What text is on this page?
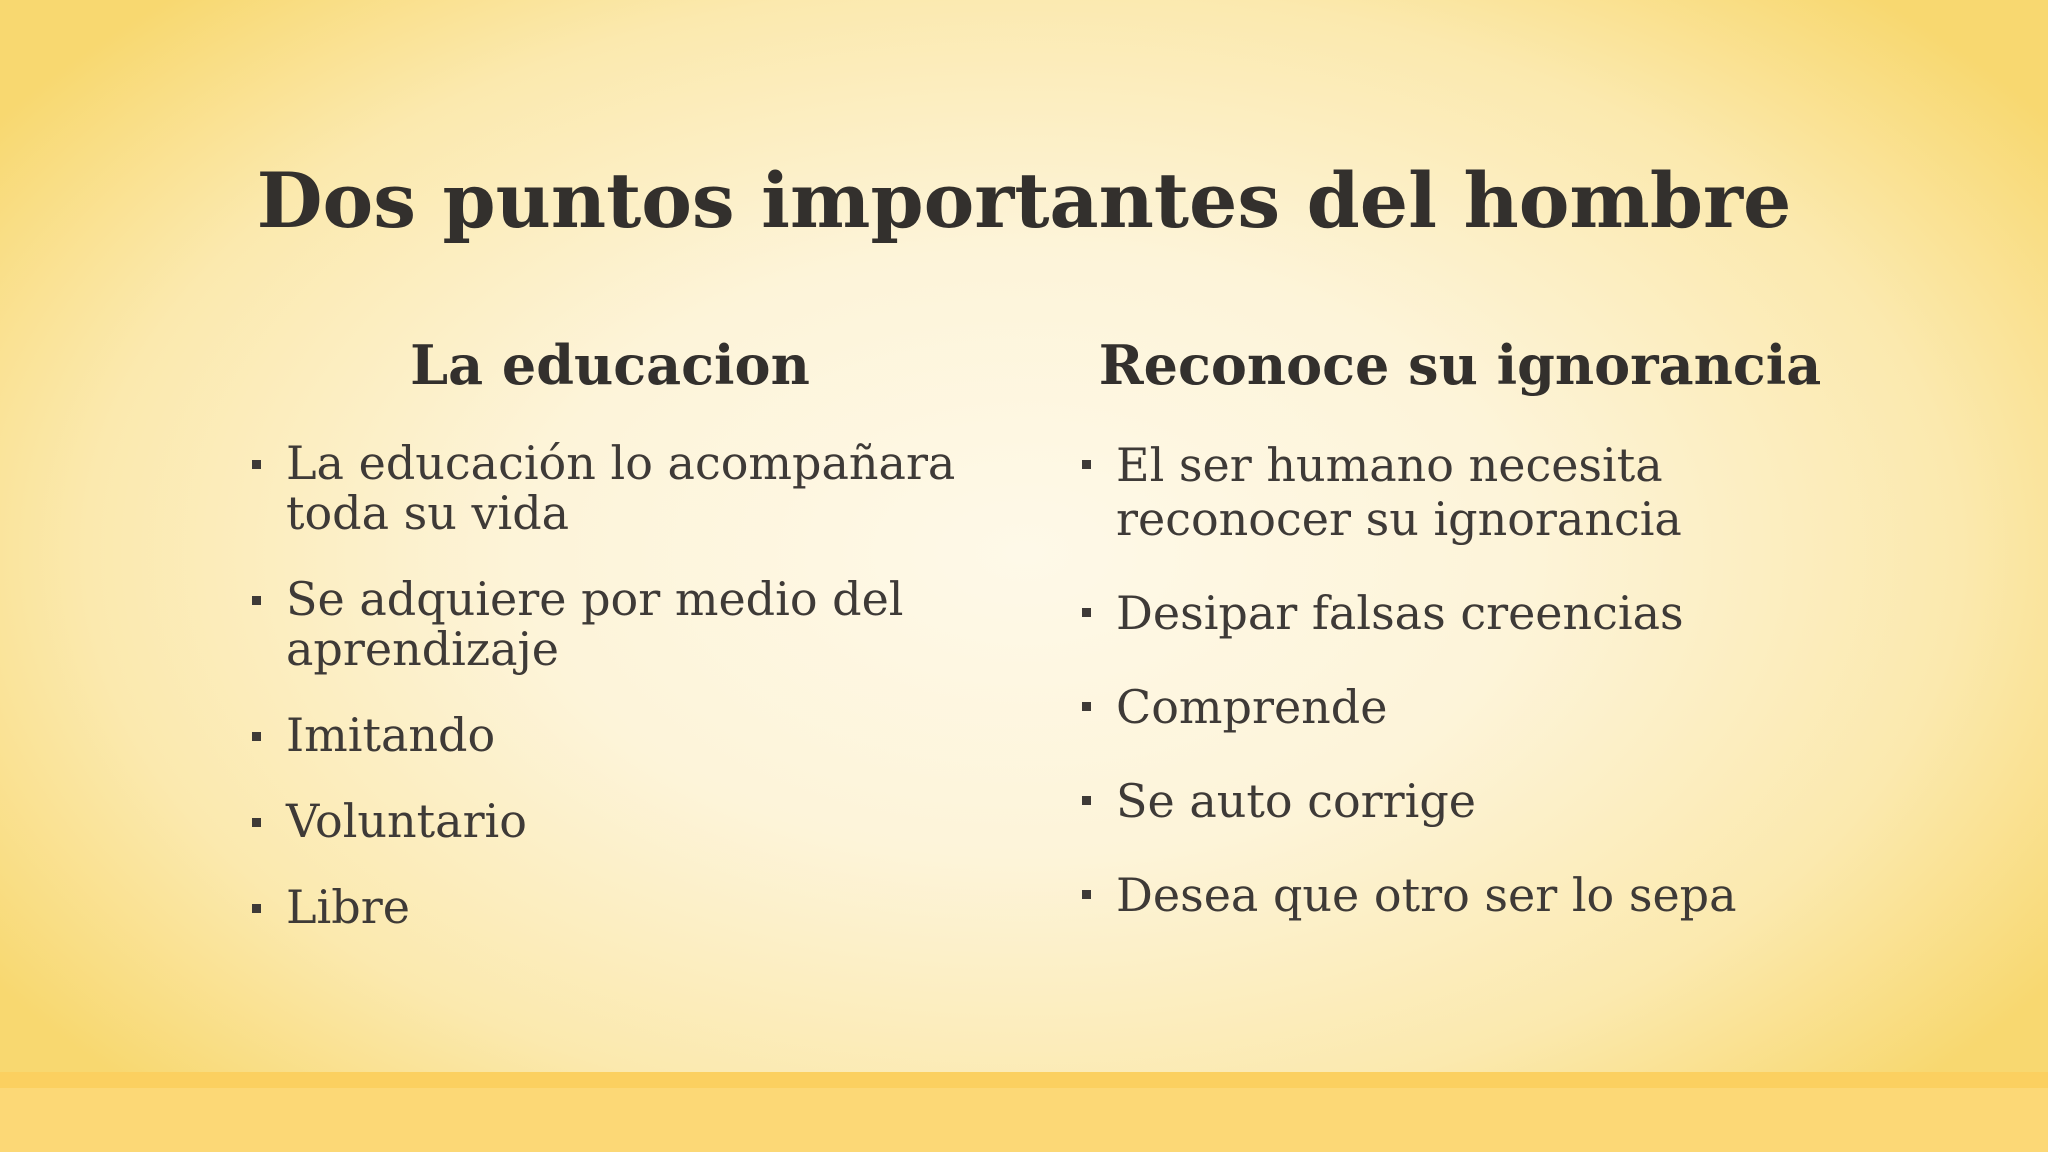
Dos puntos importantes del hombre
La educacion
La educación lo acompañara toda su vida
Se adquiere por medio del aprendizaje
Imitando
Voluntario
Libre
Reconoce su ignorancia
El ser humano necesita reconocer su ignorancia
Desipar falsas creencias
Comprende
Se auto corrige
Desea que otro ser lo sepa
